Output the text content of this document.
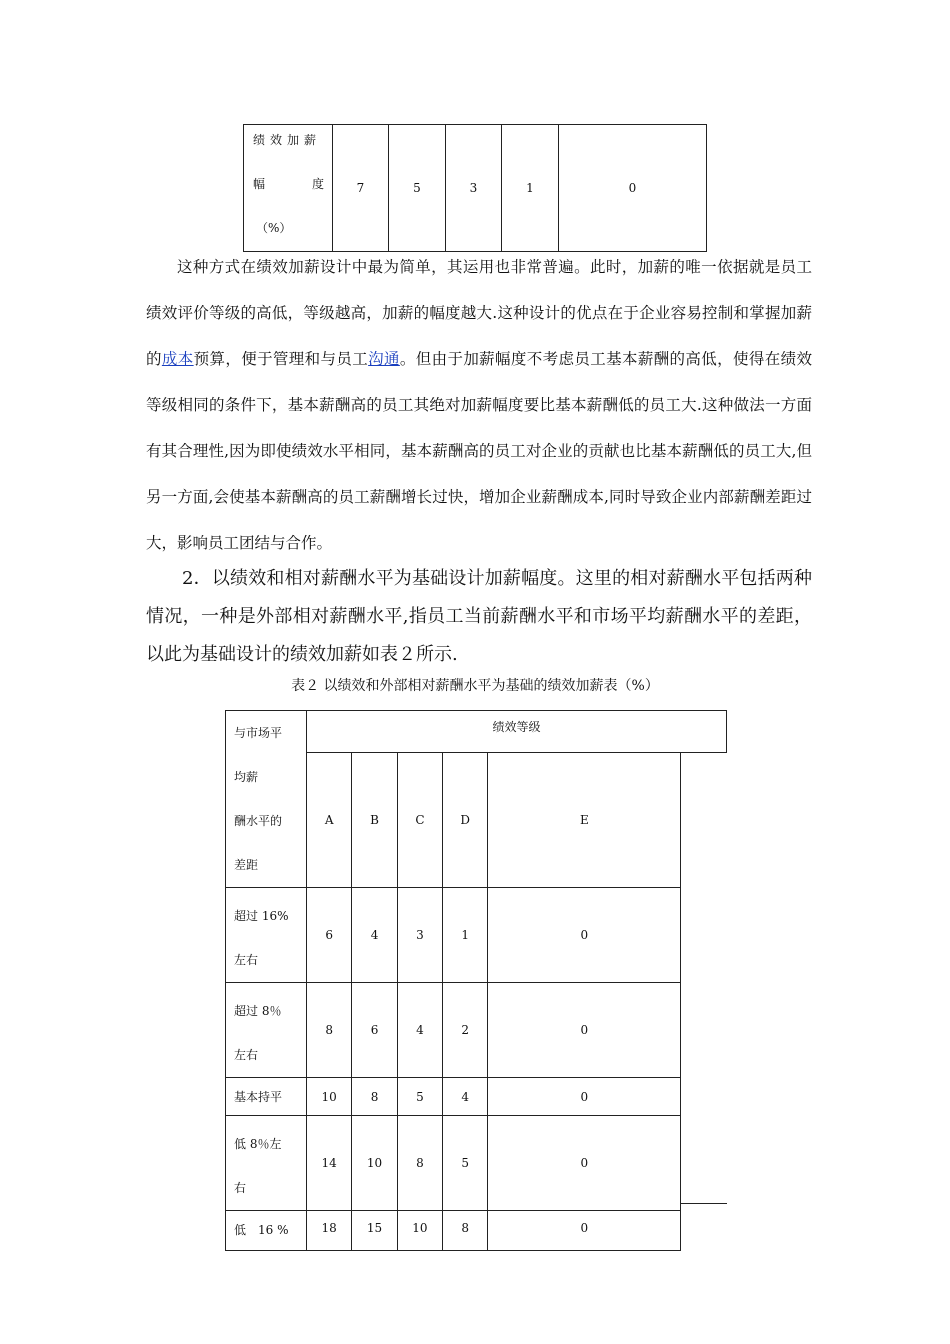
绩效加薪
幅	度
（%）
	7	5	3	1	0
这种方式在绩效加薪设计中最为简单，其运用也非常普遍。此时，加薪的唯一依据就是员工绩效评价等级的高低，等级越高，加薪的幅度越大.这种设计的优点在于企业容易控制和掌握加薪的成本预算，便于管理和与员工沟通。但由于加薪幅度不考虑员工基本薪酬的高低，使得在绩效等级相同的条件下，基本薪酬高的员工其绝对加薪幅度要比基本薪酬低的员工大.这种做法一方面有其合理性,因为即使绩效水平相同，基本薪酬高的员工对企业的贡献也比基本薪酬低的员工大,但另一方面,会使基本薪酬高的员工薪酬增长过快，增加企业薪酬成本,同时导致企业内部薪酬差距过大，影响员工团结与合作。
2．以绩效和相对薪酬水平为基础设计加薪幅度。这里的相对薪酬水平包括两种情况，一种是外部相对薪酬水平,指员工当前薪酬水平和市场平均薪酬水平的差距，以此为基础设计的绩效加薪如表２所示.
表２ 以绩效和外部相对薪酬水平为基础的绩效加薪表（%）
与市场平
均薪
酬水平的
差距	绩效等级					
	A	B	C	D	E	

超过 16%
左右	6	4	3	1	0	

超过 8％
左右	8	6	4	2	0	

基本持平	10	8	5	4	0	

低 8％左
右	14	10	8	5	0	

低　16 %	18	15	10	8	0	
